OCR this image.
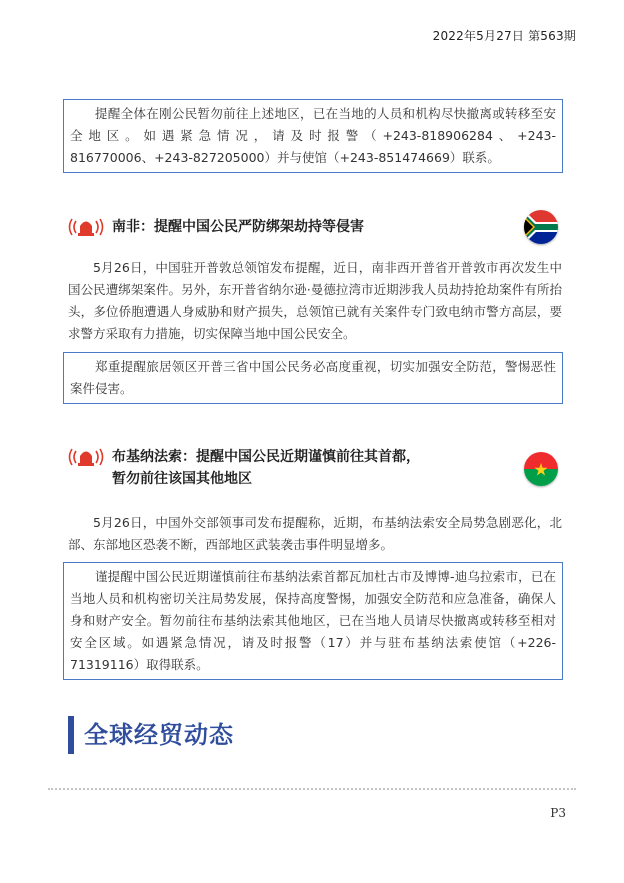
2022年5月27日 第563期

提醒全体在刚公民暂勿前往上述地区，已在当地的人员和机构尽快撤离或转移至安全地区。如遇紧急情况，请及时报警（+243-818906284、+243-816770006、+243-827205000）并与使馆（+243-851474669）联系。

南非：提醒中国公民严防绑架劫持等侵害

5月26日，中国驻开普敦总领馆发布提醒，近日，南非西开普省开普敦市再次发生中国公民遭绑架案件。另外，东开普省纳尔逊·曼德拉湾市近期涉我人员劫持抢劫案件有所抬头，多位侨胞遭遇人身威胁和财产损失，总领馆已就有关案件专门致电纳市警方高层，要求警方采取有力措施，切实保障当地中国公民安全。

郑重提醒旅居领区开普三省中国公民务必高度重视，切实加强安全防范，警惕恶性案件侵害。

布基纳法索：提醒中国公民近期谨慎前往其首都，
暂勿前往该国其他地区

5月26日，中国外交部领事司发布提醒称，近期，布基纳法索安全局势急剧恶化，北部、东部地区恐袭不断，西部地区武装袭击事件明显增多。

谨提醒中国公民近期谨慎前往布基纳法索首都瓦加杜古市及博博-迪乌拉索市，已在当地人员和机构密切关注局势发展，保持高度警惕，加强安全防范和应急准备，确保人身和财产安全。暂勿前往布基纳法索其他地区，已在当地人员请尽快撤离或转移至相对安全区域。如遇紧急情况，请及时报警（17）并与驻布基纳法索使馆（+226-71319116）取得联系。

全球经贸动态
P3
